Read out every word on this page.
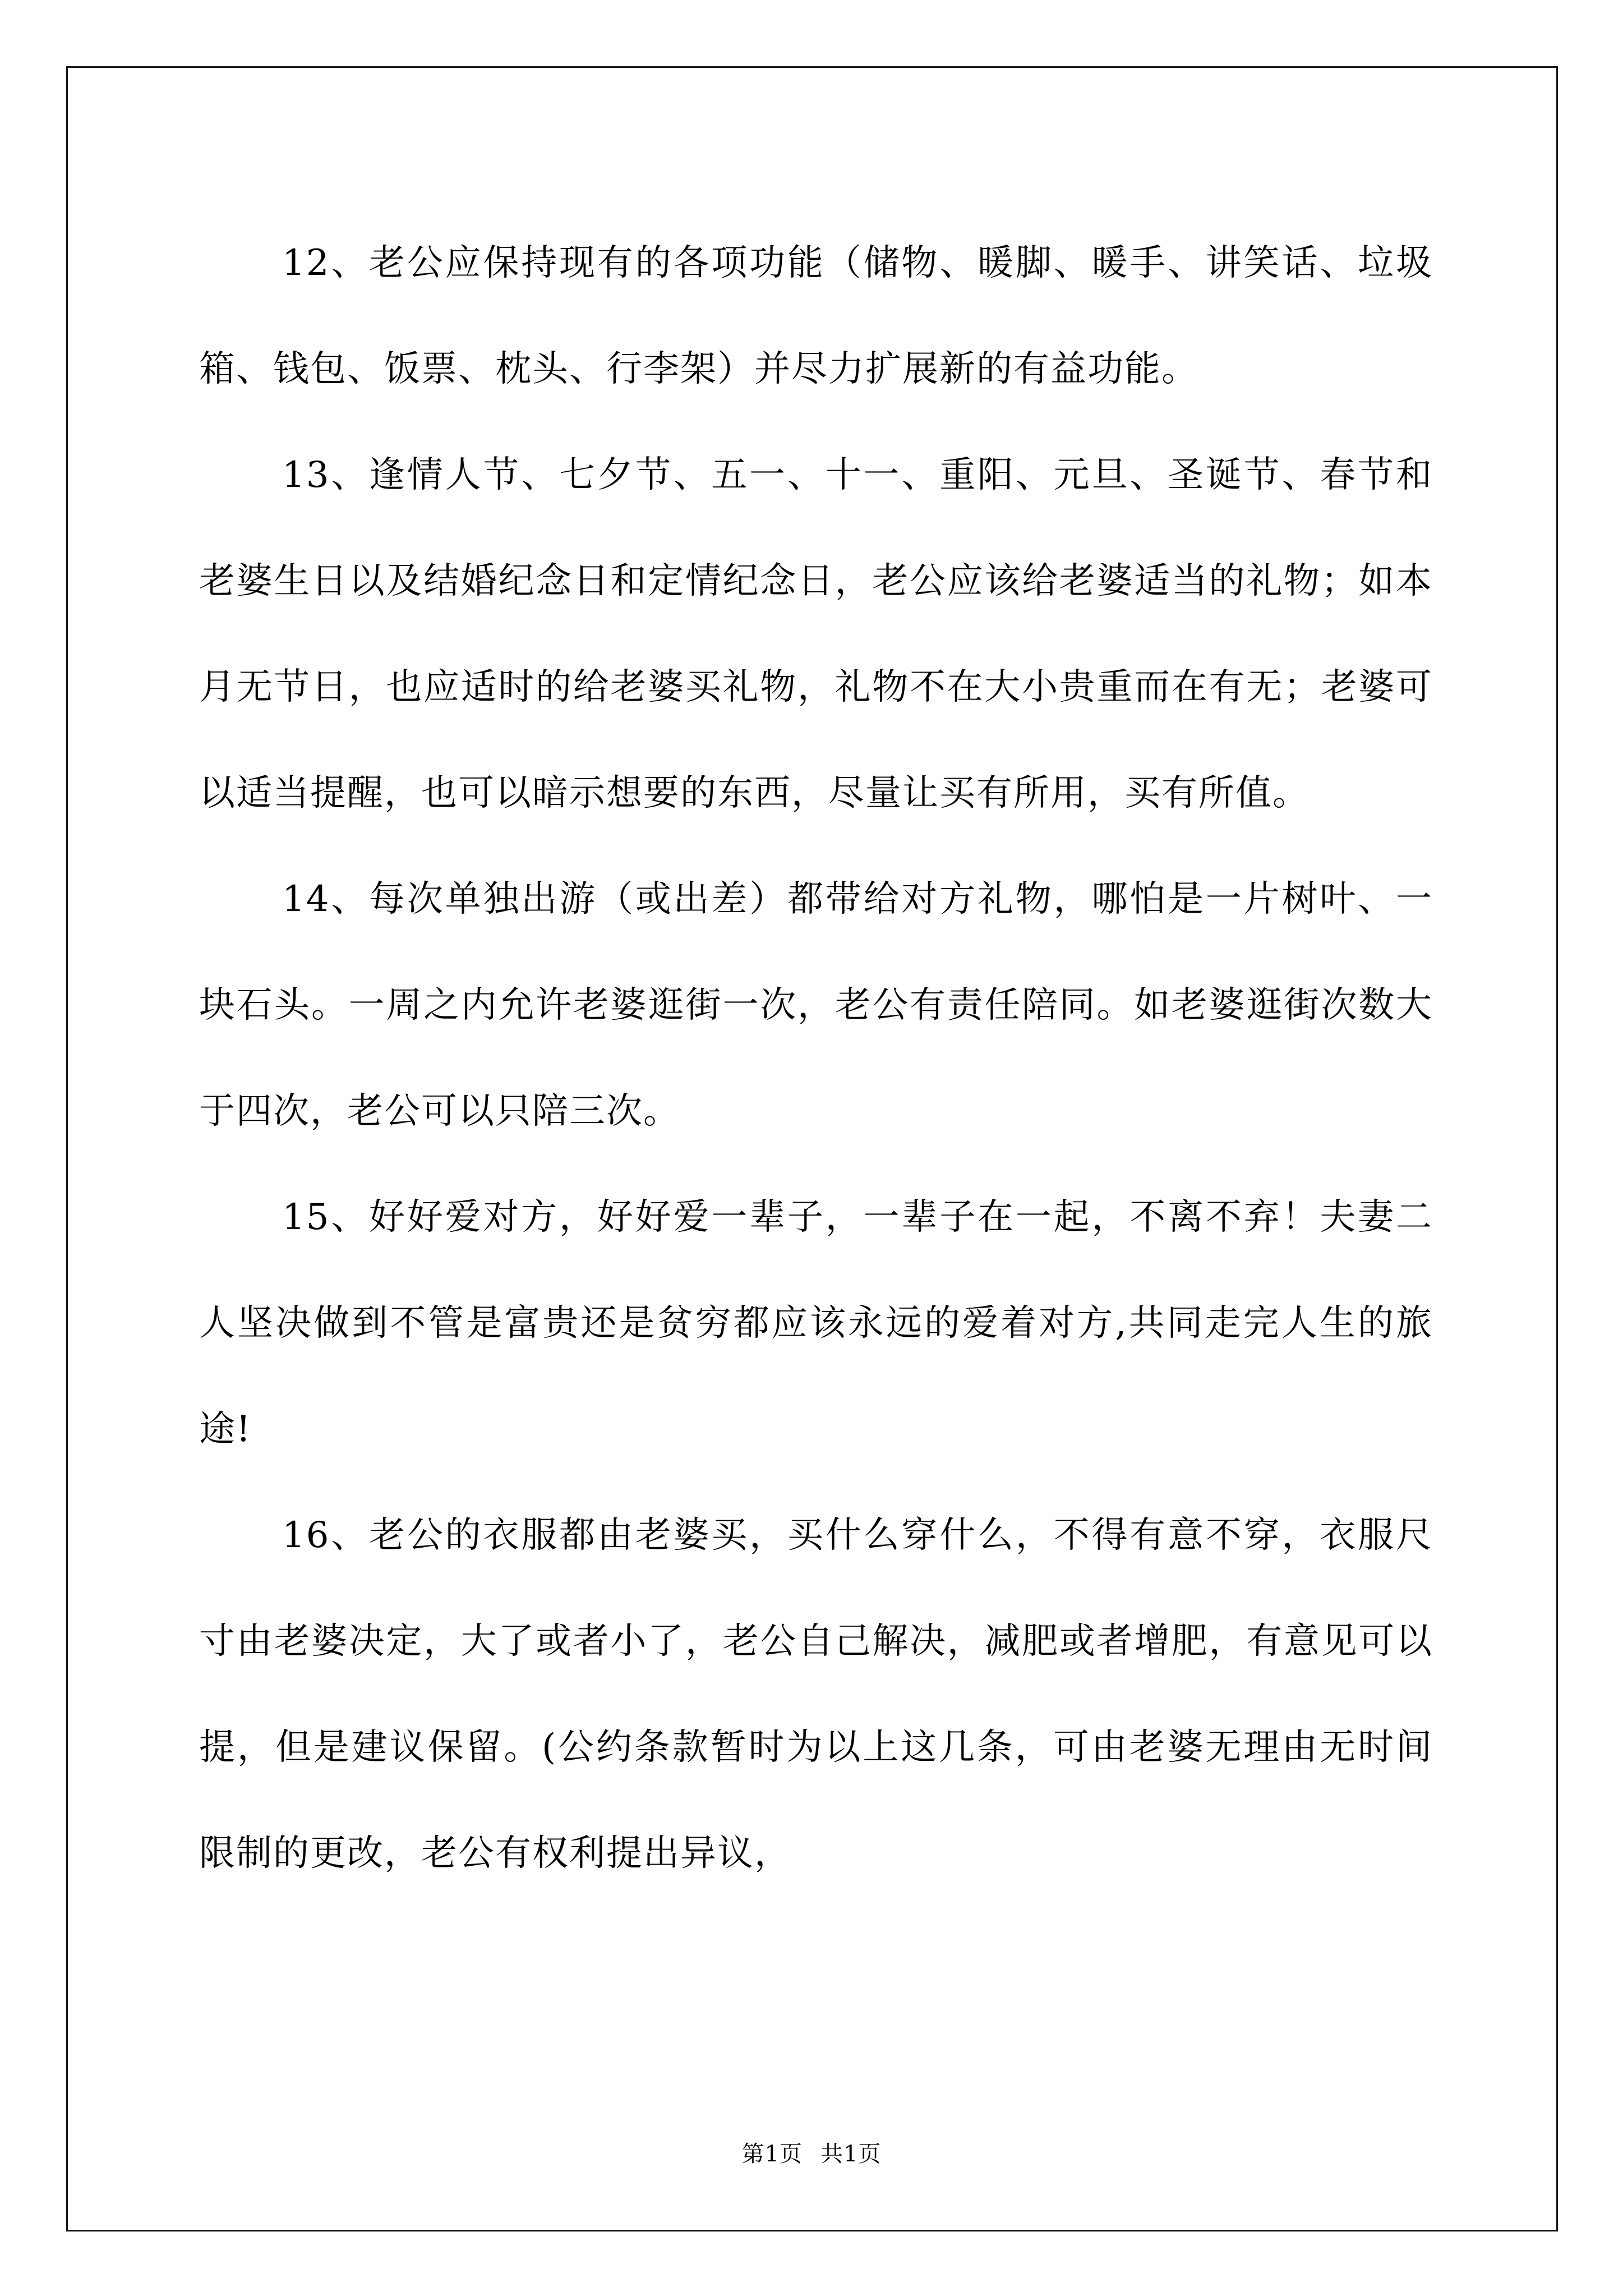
12、老公应保持现有的各项功能（储物、暖脚、暖手、讲笑话、垃圾箱、钱包、饭票、枕头、行李架）并尽力扩展新的有益功能。

13、逢情人节、七夕节、五一、十一、重阳、元旦、圣诞节、春节和老婆生日以及结婚纪念日和定情纪念日，老公应该给老婆适当的礼物；如本月无节日，也应适时的给老婆买礼物，礼物不在大小贵重而在有无；老婆可以适当提醒，也可以暗示想要的东西，尽量让买有所用，买有所值。

14、每次单独出游（或出差）都带给对方礼物，哪怕是一片树叶、一块石头。一周之内允许老婆逛街一次，老公有责任陪同。如老婆逛街次数大于四次，老公可以只陪三次。

15、好好爱对方，好好爱一辈子，一辈子在一起，不离不弃！夫妻二人坚决做到不管是富贵还是贫穷都应该永远的爱着对方,共同走完人生的旅途!

16、老公的衣服都由老婆买，买什么穿什么，不得有意不穿，衣服尺寸由老婆决定，大了或者小了，老公自己解决，减肥或者增肥，有意见可以提，但是建议保留。(公约条款暂时为以上这几条，可由老婆无理由无时间限制的更改，老公有权利提出异议，

第1页 共1页
